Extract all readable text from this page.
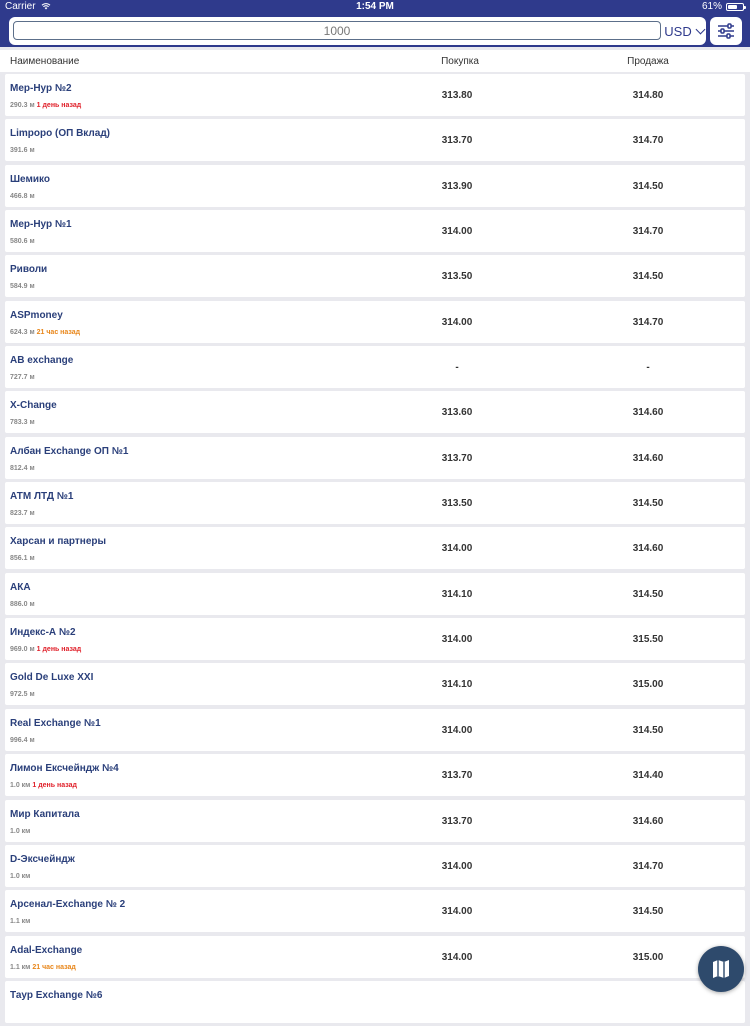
Carrier	1:54 PM	61%
1000
USD
Наименование	Покупка	Продажа
Мер-Нур №2
290.3 м 1 день назад
313.80	314.80
Limpopo (ОП Вклад)
391.6 м
313.70	314.70
Шемико
466.8 м
313.90	314.50
Мер-Нур №1
580.6 м
314.00	314.70
Риволи
584.9 м
313.50	314.50
ASPmoney
624.3 м 21 час назад
314.00	314.70
AB exchange
727.7 м
-	-
X-Change
783.3 м
313.60	314.60
Албан Exchange ОП №1
812.4 м
313.70	314.60
АТМ ЛТД №1
823.7 м
313.50	314.50
Харсан и партнеры
856.1 м
314.00	314.60
АКА
886.0 м
314.10	314.50
Индекс-А №2
969.0 м 1 день назад
314.00	315.50
Gold De Luxe XXI
972.5 м
314.10	315.00
Real Exchange №1
996.4 м
314.00	314.50
Лимон Ексчейндж №4
1.0 км 1 день назад
313.70	314.40
Мир Капитала
1.0 км
313.70	314.60
D-Эксчейндж
1.0 км
314.00	314.70
Арсенал-Exchange № 2
1.1 км
314.00	314.50
Adal-Exchange
1.1 км 21 час назад
314.00	315.00
Таур Exchange №6
